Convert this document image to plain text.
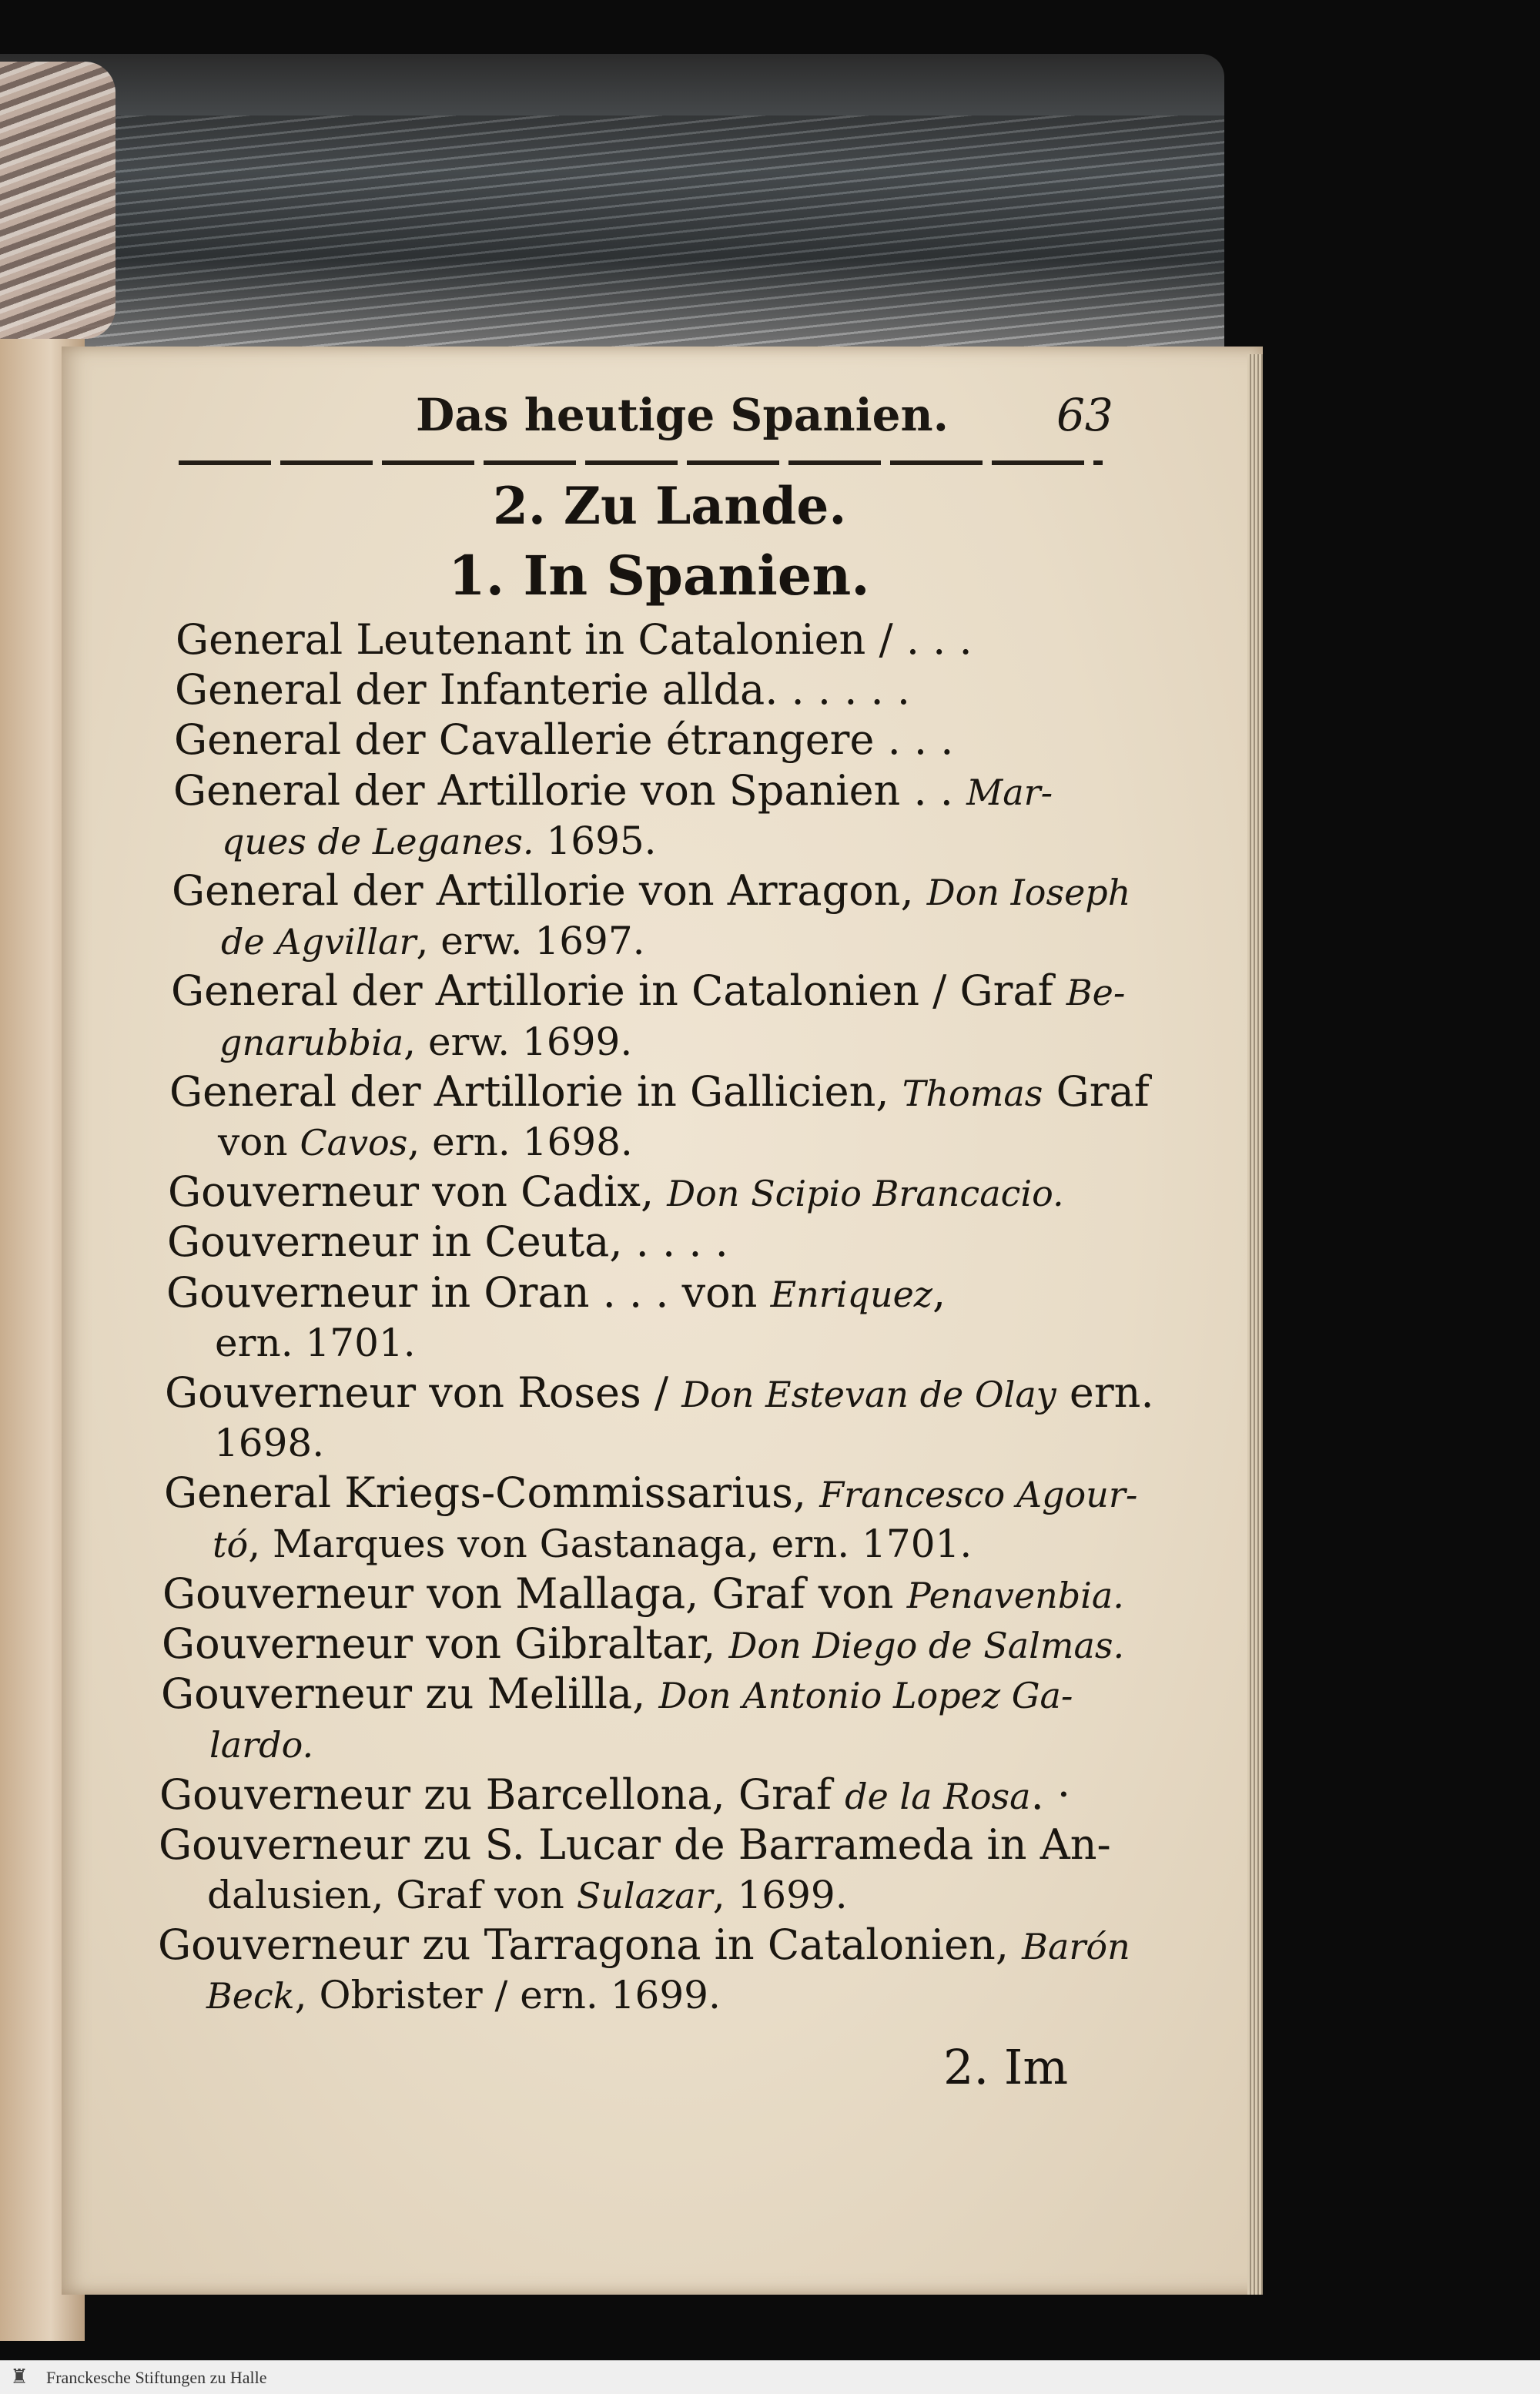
Das heutige Spanien. 63
2. Zu Lande.
1. In Spanien.
General Leutenant in Catalonien / . . .
General der Infanterie allda. . . . . .
General der Cavallerie étrangere . . .
General der Artillorie von Spanien . . Mar-
ques de Leganes. 1695.
General der Artillorie von Arragon, Don Ioseph
de Agvillar, erw. 1697.
General der Artillorie in Catalonien / Graf Be-
gnarubbia, erw. 1699.
General der Artillorie in Gallicien, Thomas Graf
von Cavos, ern. 1698.
Gouverneur von Cadix, Don Scipio Brancacio.
Gouverneur in Ceuta, . . . .
Gouverneur in Oran . . . von Enriquez,
ern. 1701.
Gouverneur von Roses / Don Estevan de Olay ern.
1698.
General Kriegs-Commissarius, Francesco Agour-
tó, Marques von Gastanaga, ern. 1701.
Gouverneur von Mallaga, Graf von Penavenbia.
Gouverneur von Gibraltar, Don Diego de Salmas.
Gouverneur zu Melilla, Don Antonio Lopez Ga-
lardo.
Gouverneur zu Barcellona, Graf de la Rosa. ·
Gouverneur zu S. Lucar de Barrameda in An-
dalusien, Graf von Sulazar, 1699.
Gouverneur zu Tarragona in Catalonien, Barón
Beck, Obrister / ern. 1699.
2. Im
♜ Franckesche Stiftungen zu Halle
